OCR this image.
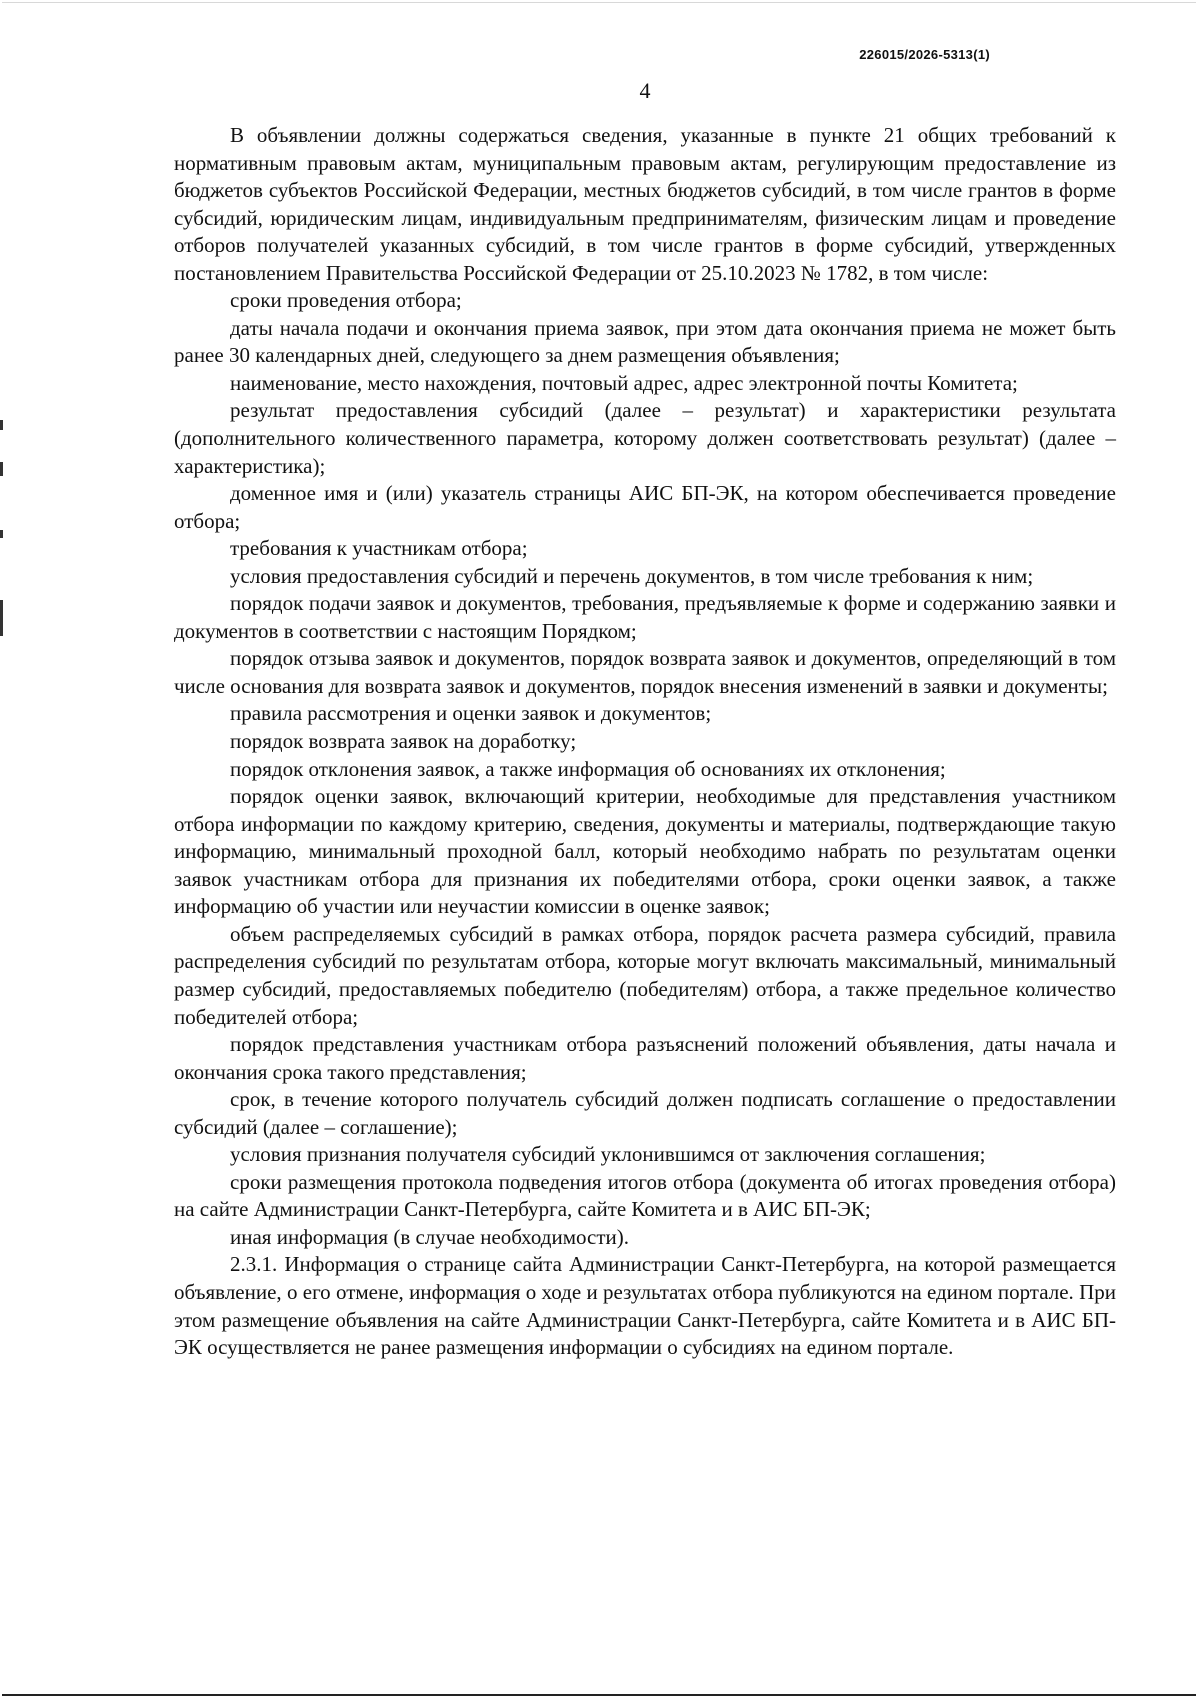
226015/2026-5313(1)
4

В объявлении должны содержаться сведения, указанные в пункте 21 общих требований к нормативным правовым актам, муниципальным правовым актам, регулирующим предоставление из бюджетов субъектов Российской Федерации, местных бюджетов субсидий, в том числе грантов в форме субсидий, юридическим лицам, индивидуальным предпринимателям, физическим лицам и проведение отборов получателей указанных субсидий, в том числе грантов в форме субсидий, утвержденных постановлением Правительства Российской Федерации от 25.10.2023 № 1782, в том числе:

сроки проведения отбора;

даты начала подачи и окончания приема заявок, при этом дата окончания приема не может быть ранее 30 календарных дней, следующего за днем размещения объявления;

наименование, место нахождения, почтовый адрес, адрес электронной почты Комитета;

результат предоставления субсидий (далее – результат) и характеристики результата (дополнительного количественного параметра, которому должен соответствовать результат) (далее – характеристика);

доменное имя и (или) указатель страницы АИС БП-ЭК, на котором обеспечивается проведение отбора;

требования к участникам отбора;

условия предоставления субсидий и перечень документов, в том числе требования к ним;

порядок подачи заявок и документов, требования, предъявляемые к форме и содержанию заявки и документов в соответствии с настоящим Порядком;

порядок отзыва заявок и документов, порядок возврата заявок и документов, определяющий в том числе основания для возврата заявок и документов, порядок внесения изменений в заявки и документы;

правила рассмотрения и оценки заявок и документов;

порядок возврата заявок на доработку;

порядок отклонения заявок, а также информация об основаниях их отклонения;

порядок оценки заявок, включающий критерии, необходимые для представления участником отбора информации по каждому критерию, сведения, документы и материалы, подтверждающие такую информацию, минимальный проходной балл, который необходимо набрать по результатам оценки заявок участникам отбора для признания их победителями отбора, сроки оценки заявок, а также информацию об участии или неучастии комиссии в оценке заявок;

объем распределяемых субсидий в рамках отбора, порядок расчета размера субсидий, правила распределения субсидий по результатам отбора, которые могут включать максимальный, минимальный размер субсидий, предоставляемых победителю (победителям) отбора, а также предельное количество победителей отбора;

порядок представления участникам отбора разъяснений положений объявления, даты начала и окончания срока такого представления;

срок, в течение которого получатель субсидий должен подписать соглашение о предоставлении субсидий (далее – соглашение);

условия признания получателя субсидий уклонившимся от заключения соглашения;

сроки размещения протокола подведения итогов отбора (документа об итогах проведения отбора) на сайте Администрации Санкт-Петербурга, сайте Комитета и в АИС БП-ЭК;

иная информация (в случае необходимости).

2.3.1. Информация о странице сайта Администрации Санкт-Петербурга, на которой размещается объявление, о его отмене, информация о ходе и результатах отбора публикуются на едином портале. При этом размещение объявления на сайте Администрации Санкт-Петербурга, сайте Комитета и в АИС БП-ЭК осуществляется не ранее размещения информации о субсидиях на едином портале.
